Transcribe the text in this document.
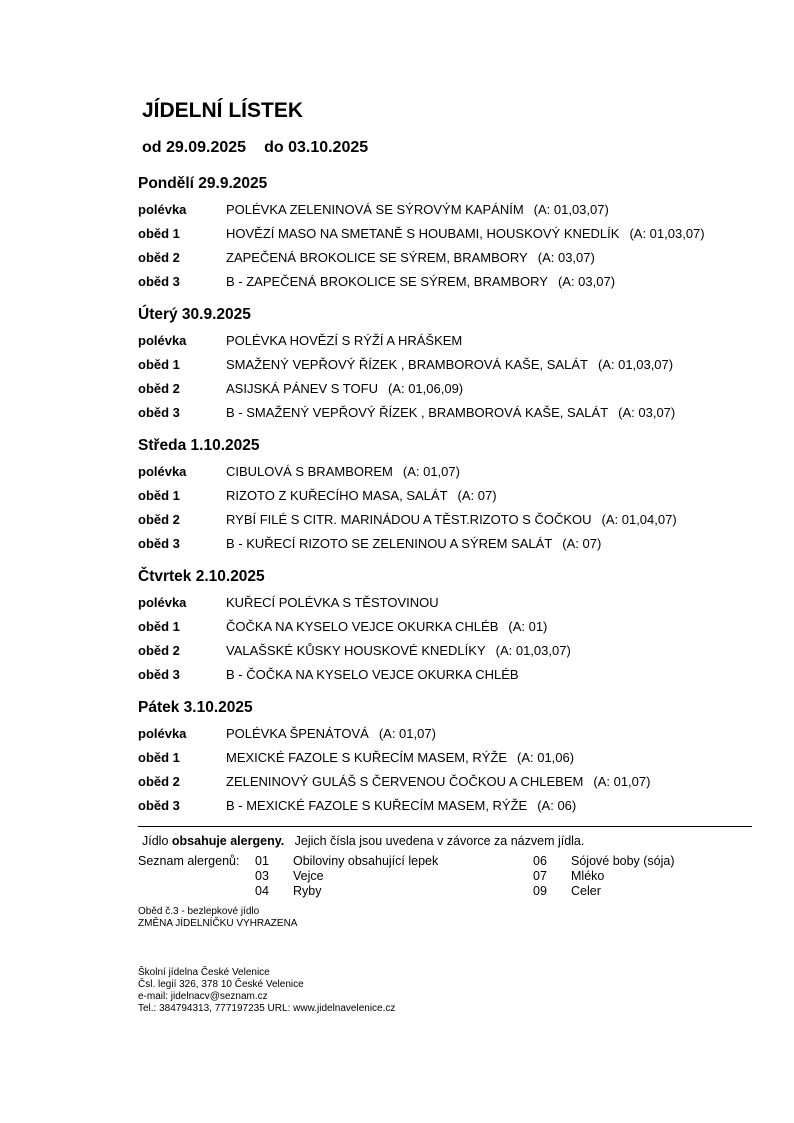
JÍDELNÍ LÍSTEK
od 29.09.2025 do 03.10.2025
Pondělí 29.9.2025
polévka	POLÉVKA ZELENINOVÁ SE SÝROVÝM KAPÁNÍM (A: 01,03,07)
oběd 1	HOVĚZÍ MASO NA SMETANĚ S HOUBAMI, HOUSKOVÝ KNEDLÍK (A: 01,03,07)
oběd 2	ZAPEČENÁ BROKOLICE SE SÝREM, BRAMBORY (A: 03,07)
oběd 3	B - ZAPEČENÁ BROKOLICE SE SÝREM, BRAMBORY (A: 03,07)
Úterý 30.9.2025
polévka	POLÉVKA HOVĚZÍ S RÝŽÍ A HRÁŠKEM
oběd 1	SMAŽENÝ VEPŘOVÝ ŘÍZEK , BRAMBOROVÁ KAŠE, SALÁT (A: 01,03,07)
oběd 2	ASIJSKÁ PÁNEV S TOFU (A: 01,06,09)
oběd 3	B - SMAŽENÝ VEPŘOVÝ ŘÍZEK , BRAMBOROVÁ KAŠE, SALÁT (A: 03,07)
Středa 1.10.2025
polévka	CIBULOVÁ S BRAMBOREM (A: 01,07)
oběd 1	RIZOTO Z KUŘECÍHO MASA, SALÁT (A: 07)
oběd 2	RYBÍ FILÉ S CITR. MARINÁDOU A TĚST.RIZOTO S ČOČKOU (A: 01,04,07)
oběd 3	B - KUŘECÍ RIZOTO SE ZELENINOU A SÝREM SALÁT (A: 07)
Čtvrtek 2.10.2025
polévka	KUŘECÍ POLÉVKA S TĚSTOVINOU
oběd 1	ČOČKA NA KYSELO VEJCE OKURKA CHLÉB (A: 01)
oběd 2	VALAŠSKÉ KŮSKY HOUSKOVÉ KNEDLÍKY (A: 01,03,07)
oběd 3	B - ČOČKA NA KYSELO VEJCE OKURKA CHLÉB
Pátek 3.10.2025
polévka	POLÉVKA ŠPENÁTOVÁ (A: 01,07)
oběd 1	MEXICKÉ FAZOLE S KUŘECÍM MASEM, RÝŽE (A: 01,06)
oběd 2	ZELENINOVÝ GULÁŠ S ČERVENOU ČOČKOU A CHLEBEM (A: 01,07)
oběd 3	B - MEXICKÉ FAZOLE S KUŘECÍM MASEM, RÝŽE (A: 06)
Jídlo obsahuje alergeny. Jejich čísla jsou uvedena v závorce za názvem jídla.
Seznam alergenů: 01 Obiloviny obsahující lepek
03 Vejce
04 Ryby
06 Sójové boby (sója)
07 Mléko
09 Celer
Oběd č.3 - bezlepkové jídlo
ZMĚNA JÍDELNÍČKU VYHRAZENA
Školní jídelna České Velenice
Čsl. legií 326, 378 10 České Velenice
e-mail: jidelnacv@seznam.cz
Tel.: 384794313, 777197235 URL: www.jidelnavelenice.cz
